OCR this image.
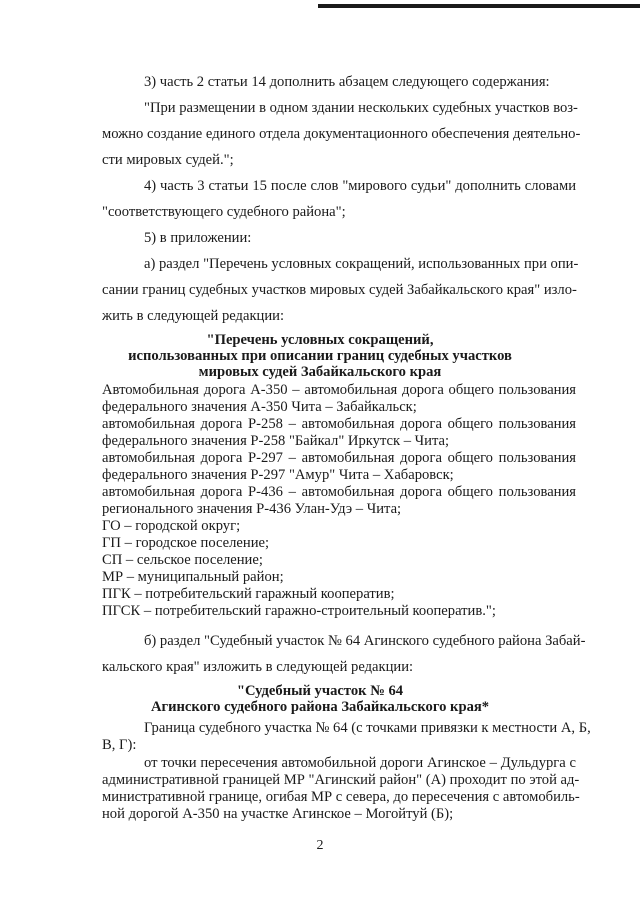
3) часть 2 статьи 14 дополнить абзацем следующего содержания:
"При размещении в одном здании нескольких судебных участков воз-
можно создание единого отдела документационного обеспечения деятельно-
сти мировых судей.";
4) часть 3 статьи 15 после слов "мирового судьи" дополнить словами
"соответствующего судебного района";
5) в приложении:
а) раздел "Перечень условных сокращений, использованных при опи-
сании границ судебных участков мировых судей Забайкальского края" изло-
жить в следующей редакции:
"Перечень условных сокращений,
использованных при описании границ судебных участков
мировых судей Забайкальского края
Автомобильная дорога А-350 – автомобильная дорога общего пользования
федерального значения А-350 Чита – Забайкальск;
автомобильная дорога Р-258 – автомобильная дорога общего пользования
федерального значения Р-258 "Байкал" Иркутск – Чита;
автомобильная дорога Р-297 – автомобильная дорога общего пользования
федерального значения Р-297 "Амур" Чита – Хабаровск;
автомобильная дорога Р-436 – автомобильная дорога общего пользования
регионального значения Р-436 Улан-Удэ – Чита;
ГО – городской округ;
ГП – городское поселение;
СП – сельское поселение;
МР – муниципальный район;
ПГК – потребительский гаражный кооператив;
ПГСК – потребительский гаражно-строительный кооператив.";
б) раздел "Судебный участок № 64 Агинского судебного района Забай-
кальского края" изложить в следующей редакции:
"Судебный участок № 64
Агинского судебного района Забайкальского края*
Граница судебного участка № 64 (с точками привязки к местности А, Б,
В, Г):
от точки пересечения автомобильной дороги Агинское – Дульдурга с
административной границей МР "Агинский район" (А) проходит по этой ад-
министративной границе, огибая МР с севера, до пересечения с автомобиль-
ной дорогой А-350 на участке Агинское – Могойтуй (Б);
2
